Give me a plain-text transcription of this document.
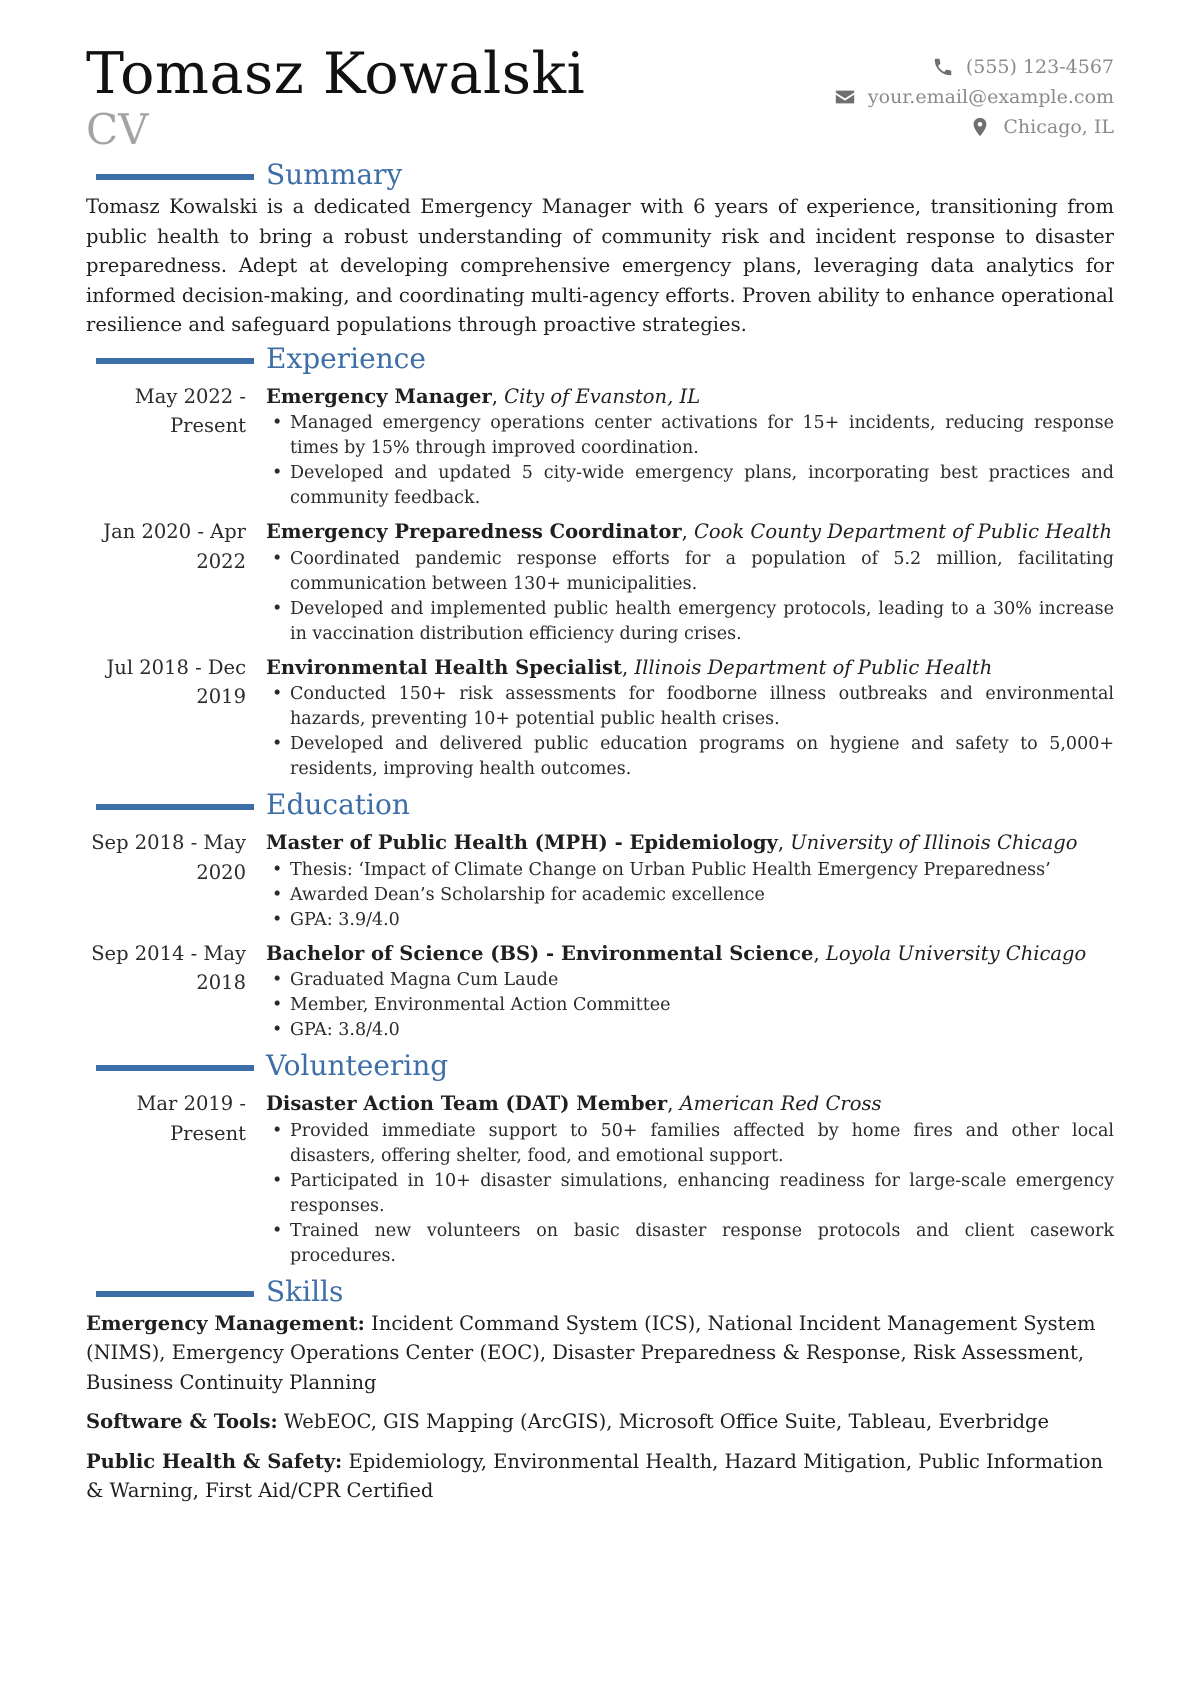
Tomasz Kowalski
CV
(555) 123-4567
your.email@example.com
Chicago, IL
Summary
Tomasz Kowalski is a dedicated Emergency Manager with 6 years of experience, transitioning from public health to bring a robust understanding of community risk and incident response to disaster preparedness. Adept at developing comprehensive emergency plans, leveraging data analytics for informed decision-making, and coordinating multi-agency efforts. Proven ability to enhance operational resilience and safeguard populations through proactive strategies.
Experience
May 2022 - Present
Emergency Manager, City of Evanston, IL
• Managed emergency operations center activations for 15+ incidents, reducing response times by 15% through improved coordination.
• Developed and updated 5 city-wide emergency plans, incorporating best practices and community feedback.
Jan 2020 - Apr 2022
Emergency Preparedness Coordinator, Cook County Department of Public Health
• Coordinated pandemic response efforts for a population of 5.2 million, facilitating communication between 130+ municipalities.
• Developed and implemented public health emergency protocols, leading to a 30% increase in vaccination distribution efficiency during crises.
Jul 2018 - Dec 2019
Environmental Health Specialist, Illinois Department of Public Health
• Conducted 150+ risk assessments for foodborne illness outbreaks and environmental hazards, preventing 10+ potential public health crises.
• Developed and delivered public education programs on hygiene and safety to 5,000+ residents, improving health outcomes.
Education
Sep 2018 - May 2020
Master of Public Health (MPH) - Epidemiology, University of Illinois Chicago
• Thesis: ‘Impact of Climate Change on Urban Public Health Emergency Preparedness’
• Awarded Dean’s Scholarship for academic excellence
• GPA: 3.9/4.0
Sep 2014 - May 2018
Bachelor of Science (BS) - Environmental Science, Loyola University Chicago
• Graduated Magna Cum Laude
• Member, Environmental Action Committee
• GPA: 3.8/4.0
Volunteering
Mar 2019 - Present
Disaster Action Team (DAT) Member, American Red Cross
• Provided immediate support to 50+ families affected by home fires and other local disasters, offering shelter, food, and emotional support.
• Participated in 10+ disaster simulations, enhancing readiness for large-scale emergency responses.
• Trained new volunteers on basic disaster response protocols and client casework procedures.
Skills
Emergency Management: Incident Command System (ICS), National Incident Management System (NIMS), Emergency Operations Center (EOC), Disaster Preparedness & Response, Risk Assessment, Business Continuity Planning
Software & Tools: WebEOC, GIS Mapping (ArcGIS), Microsoft Office Suite, Tableau, Everbridge
Public Health & Safety: Epidemiology, Environmental Health, Hazard Mitigation, Public Information & Warning, First Aid/CPR Certified
